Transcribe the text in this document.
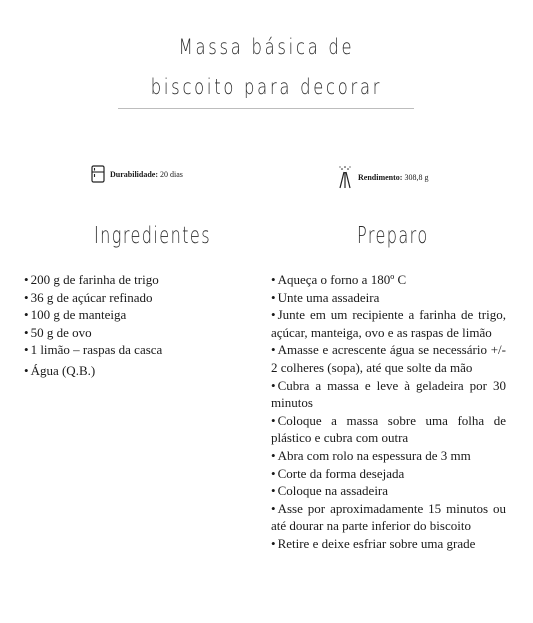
Massa básica de
biscoito para decorar
Durabilidade:
20 dias	Rendimento:
308,8 g
Ingredientes	Preparo
• 200 g de farinha de trigo
• 36 g de açúcar refinado
• 100 g de manteiga
• 50 g de ovo
• 1 limão – raspas da casca
• Água (Q.B.)
• Aqueça o forno a 180º C
• Unte uma assadeira
• Junte em um recipiente a farinha de trigo, açúcar, manteiga, ovo e as raspas de limão
• Amasse e acrescente água se necessário +/- 2 colheres (sopa), até que solte da mão
• Cubra a massa e leve à geladeira por 30 minutos
• Coloque a massa sobre uma folha de plástico e cubra com outra
• Abra com rolo na espessura de 3 mm
• Corte da forma desejada
• Coloque na assadeira
• Asse por aproximadamente 15 minutos ou até dourar na parte inferior do biscoito
• Retire e deixe esfriar sobre uma grade
